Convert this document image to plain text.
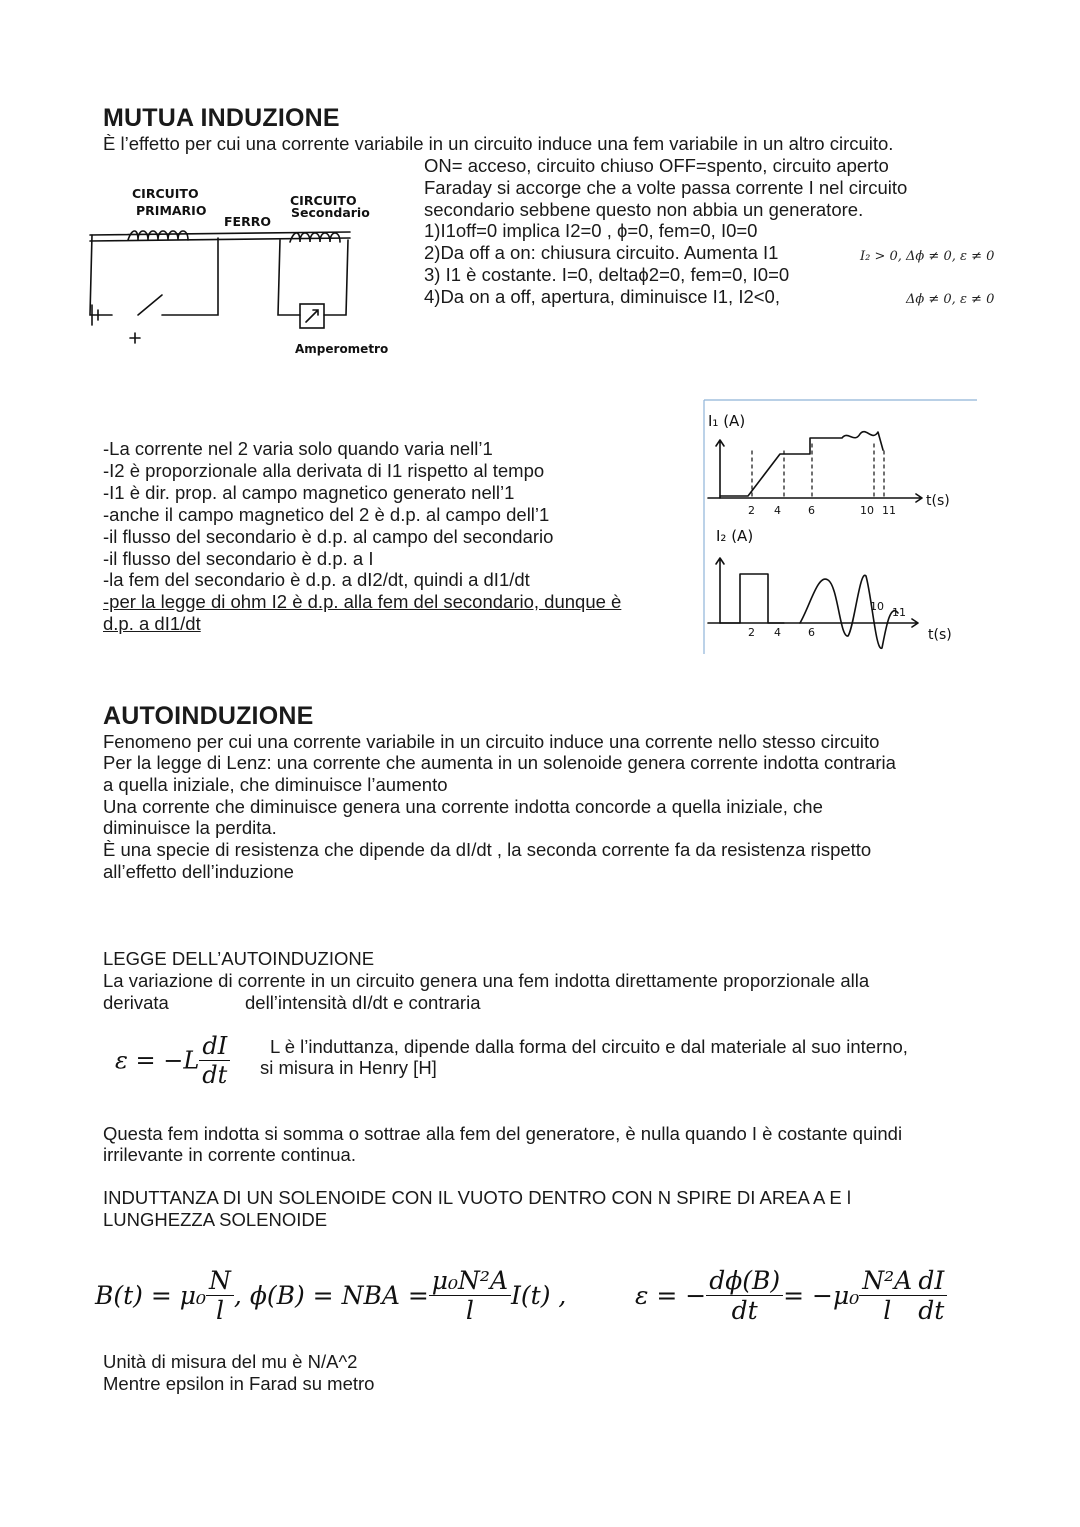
MUTUA INDUZIONE
È l’effetto per cui una corrente variabile in un circuito induce una fem variabile in un altro circuito.
ON= acceso, circuito chiuso OFF=spento, circuito aperto
Faraday si accorge che a volte passa corrente I nel circuito
secondario sebbene questo non abbia un generatore.
1)I1off=0 implica I2=0 , ϕ=0, fem=0, I0=0
2)Da off a on: chiusura circuito. Aumenta I1
3) I1 è costante. I=0, deltaϕ2=0, fem=0, I0=0
4)Da on a off, apertura, diminuisce I1, I2<0,
I₂ > 0, Δϕ ≠ 0, ε ≠ 0
Δϕ ≠ 0, ε ≠ 0
CIRCUITO
PRIMARIO
CIRCUITO
Secondario
FERRO
Amperometro
-La corrente nel 2 varia solo quando varia nell’1
-I2 è proporzionale alla derivata di I1 rispetto al tempo
-I1 è dir. prop. al campo magnetico generato nell’1
-anche il campo magnetico del 2 è d.p. al campo dell’1
-il flusso del secondario è d.p. al campo del secondario
-il flusso del secondario è d.p. a I
-la fem del secondario è d.p. a dI2/dt, quindi a dI1/dt
-per la legge di ohm I2 è d.p. alla fem del secondario, dunque è
d.p. a dI1/dt
2 4 6	10 11
2 4 6
10 11
I₁ (A)
I₂ (A)
t(s)
t(s)
AUTOINDUZIONE
Fenomeno per cui una corrente variabile in un circuito induce una corrente nello stesso circuito
Per la legge di Lenz: una corrente che aumenta in un solenoide genera corrente indotta contraria
a quella iniziale, che diminuisce l’aumento
Una corrente che diminuisce genera una corrente indotta concorde a quella iniziale, che
diminuisce la perdita.
È una specie di resistenza che dipende da dI/dt , la seconda corrente fa da resistenza rispetto
all’effetto dell’induzione
LEGGE DELL’AUTOINDUZIONE
La variazione di corrente in un circuito genera una fem indotta direttamente proporzionale alla
derivata	dell’intensità dI/dt e contraria
$\varepsilon = -L \frac{dI}{dt}$ L è l’induttanza, dipende dalla forma del circuito e dal materiale al suo interno,
si misura in Henry [H]
Questa fem indotta si somma o sottrae alla fem del generatore, è nulla quando I è costante quindi
irrilevante in corrente continua.
INDUTTANZA DI UN SOLENOIDE CON IL VUOTO DENTRO CON N SPIRE DI AREA A E l
LUNGHEZZA SOLENOIDE
$B(t) = \mu_0 \frac{N}{l}$ , ϕ(B) = NBA = $\frac{\text{μ₀N²A}}{l} I(t)$ ,	ε = − $\frac{d\phi(B)}{dt} = -\mu_0 \frac{\text{N²A}}{l} \frac{dI}{dt}$
Unità di misura del mu è N/A^2
Mentre epsilon in Farad su metro
